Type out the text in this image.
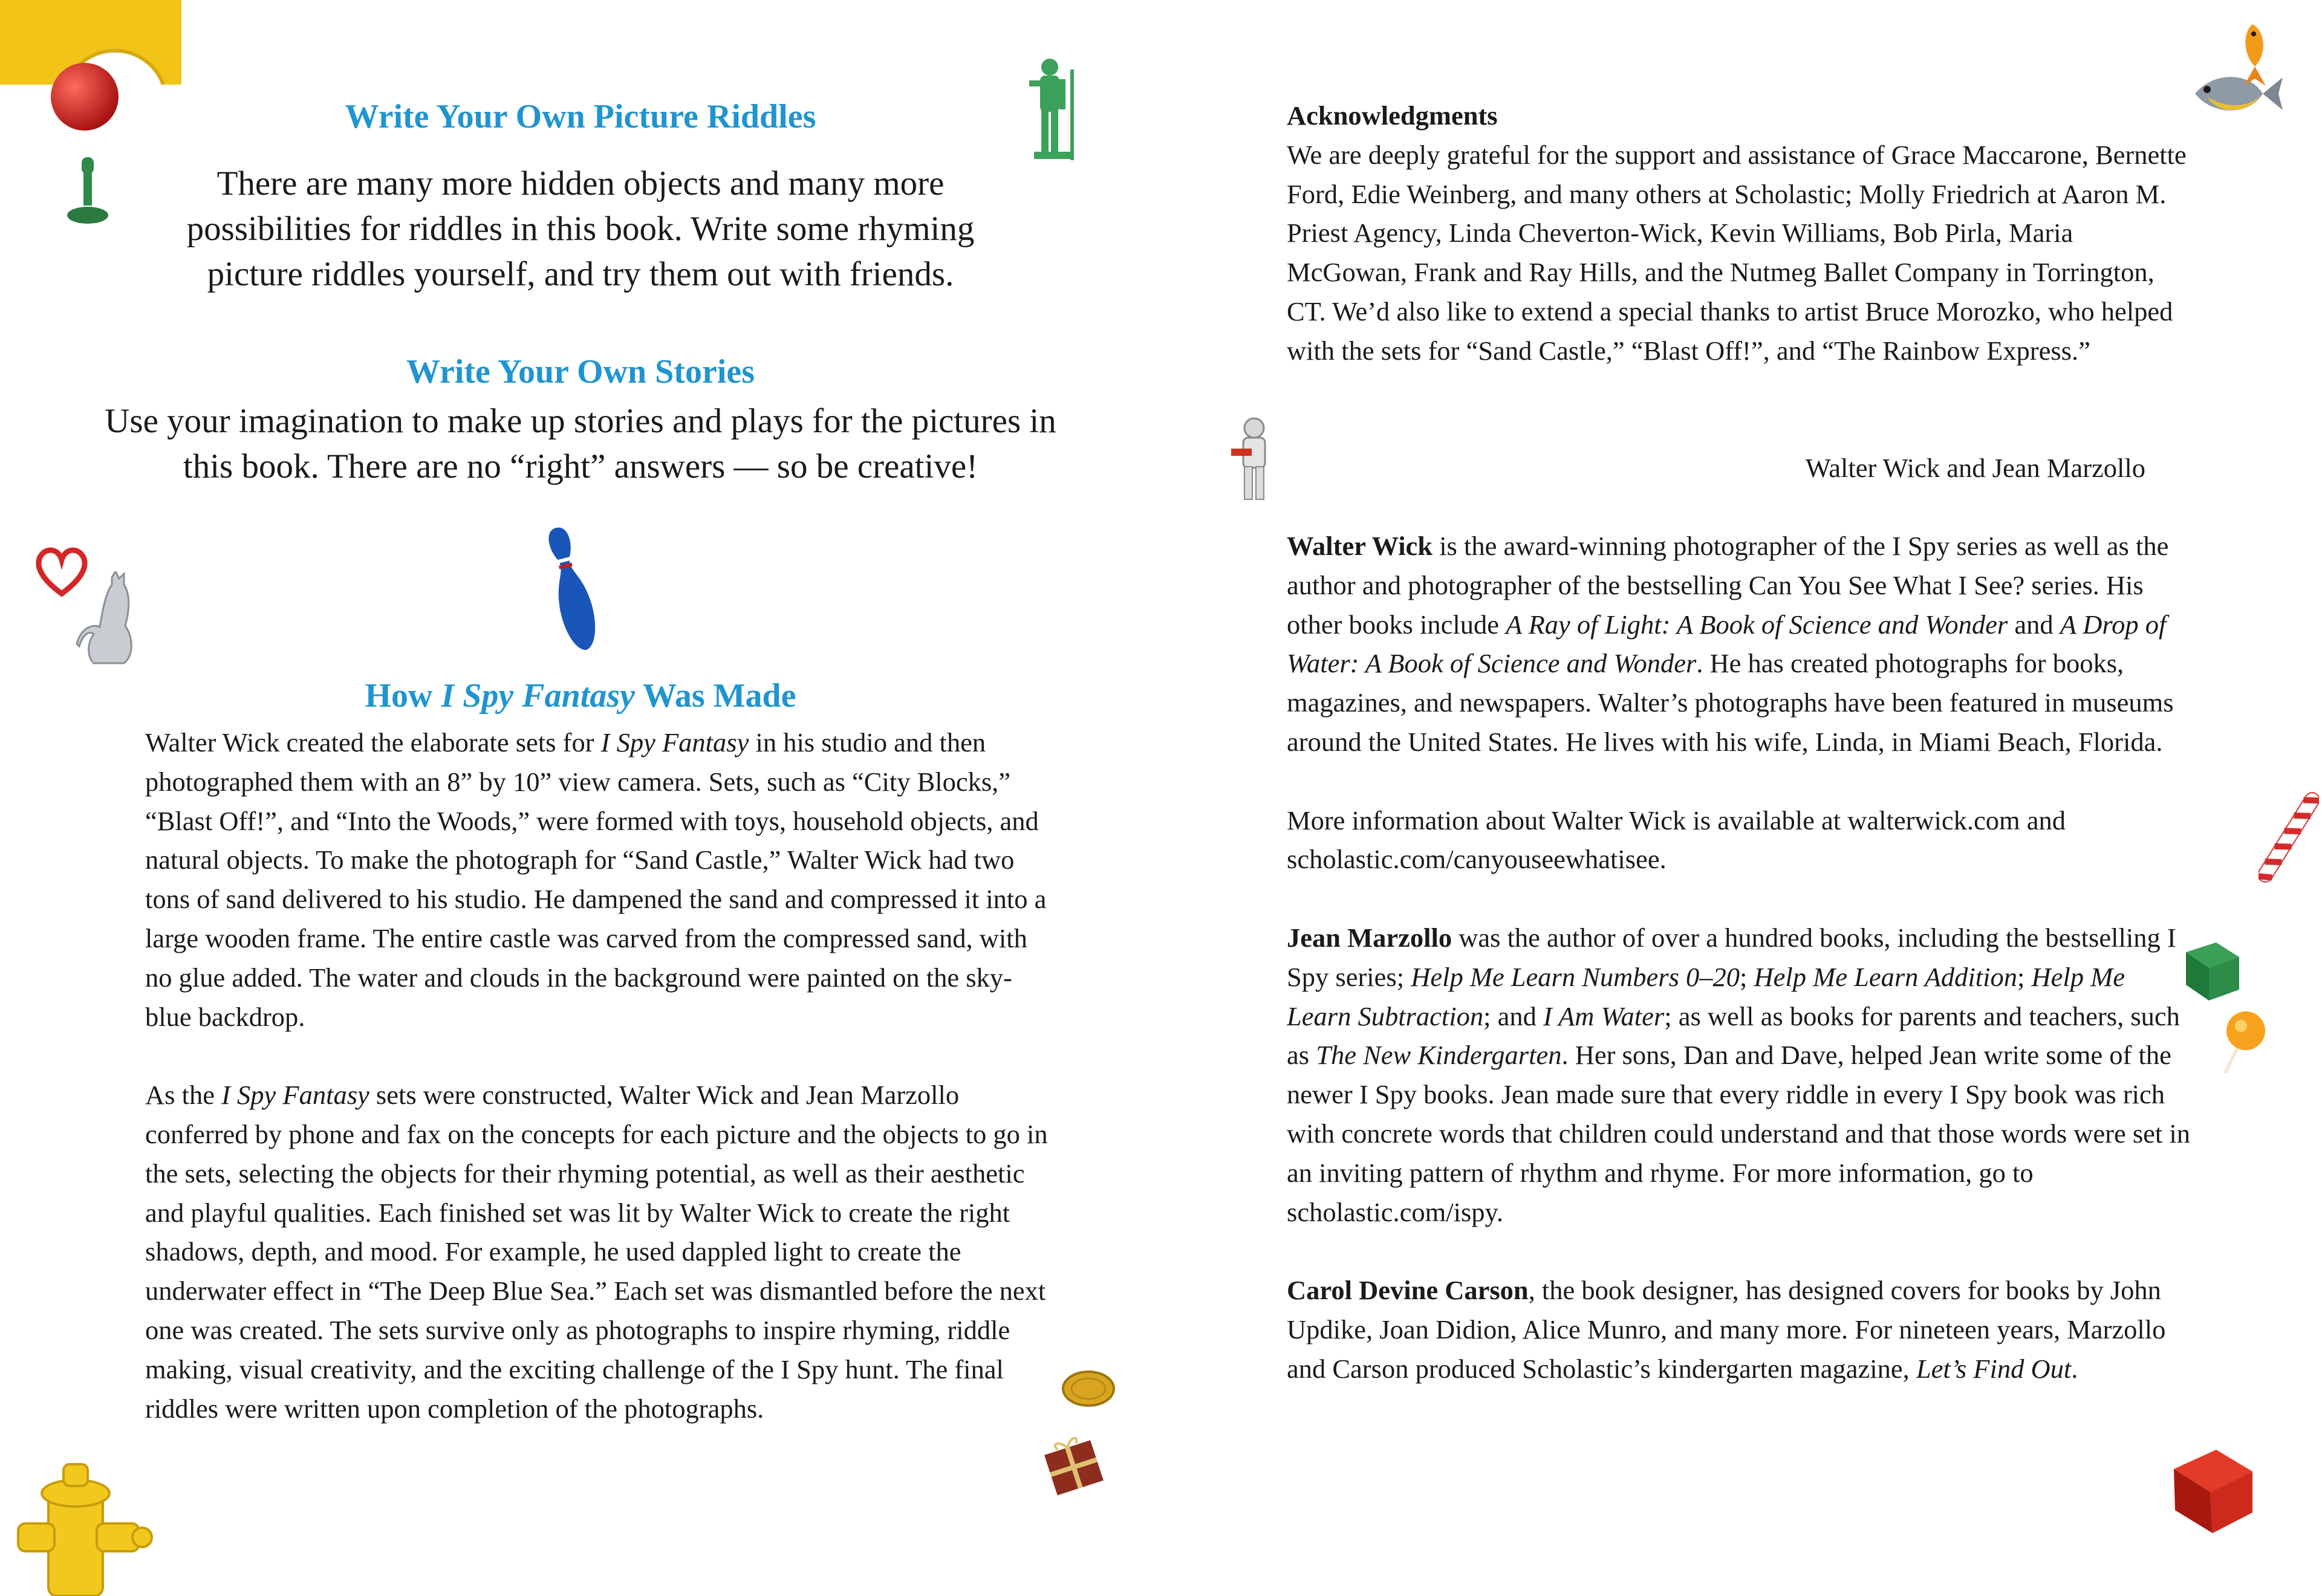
Write Your Own Picture Riddles

There are many more hidden objects and many more possibilities for riddles in this book. Write some rhyming picture riddles yourself, and try them out with friends.

Write Your Own Stories

Use your imagination to make up stories and plays for the pictures in this book. There are no “right” answers — so be creative!

How I Spy Fantasy Was Made

Walter Wick created the elaborate sets for I Spy Fantasy in his studio and then photographed them with an 8” by 10” view camera. Sets, such as “City Blocks,” “Blast Off!”, and “Into the Woods,” were formed with toys, household objects, and natural objects. To make the photograph for “Sand Castle,” Walter Wick had two tons of sand delivered to his studio. He dampened the sand and compressed it into a large wooden frame. The entire castle was carved from the compressed sand, with no glue added. The water and clouds in the background were painted on the sky-blue backdrop.

As the I Spy Fantasy sets were constructed, Walter Wick and Jean Marzollo conferred by phone and fax on the concepts for each picture and the objects to go in the sets, selecting the objects for their rhyming potential, as well as their aesthetic and playful qualities. Each finished set was lit by Walter Wick to create the right shadows, depth, and mood. For example, he used dappled light to create the underwater effect in “The Deep Blue Sea.” Each set was dismantled before the next one was created. The sets survive only as photographs to inspire rhyming, riddle making, visual creativity, and the exciting challenge of the I Spy hunt. The final riddles were written upon completion of the photographs.

Acknowledgments
We are deeply grateful for the support and assistance of Grace Maccarone, Bernette Ford, Edie Weinberg, and many others at Scholastic; Molly Friedrich at Aaron M. Priest Agency, Linda Cheverton-Wick, Kevin Williams, Bob Pirla, Maria McGowan, Frank and Ray Hills, and the Nutmeg Ballet Company in Torrington, CT. We’d also like to extend a special thanks to artist Bruce Morozko, who helped with the sets for “Sand Castle,” “Blast Off!”, and “The Rainbow Express.”

Walter Wick and Jean Marzollo

Walter Wick is the award-winning photographer of the I Spy series as well as the author and photographer of the bestselling Can You See What I See? series. His other books include A Ray of Light: A Book of Science and Wonder and A Drop of Water: A Book of Science and Wonder. He has created photographs for books, magazines, and newspapers. Walter’s photographs have been featured in museums around the United States. He lives with his wife, Linda, in Miami Beach, Florida.

More information about Walter Wick is available at walterwick.com and scholastic.com/canyouseewhatisee.

Jean Marzollo was the author of over a hundred books, including the bestselling I Spy series; Help Me Learn Numbers 0–20; Help Me Learn Addition; Help Me Learn Subtraction; and I Am Water; as well as books for parents and teachers, such as The New Kindergarten. Her sons, Dan and Dave, helped Jean write some of the newer I Spy books. Jean made sure that every riddle in every I Spy book was rich with concrete words that children could understand and that those words were set in an inviting pattern of rhythm and rhyme. For more information, go to scholastic.com/ispy.

Carol Devine Carson, the book designer, has designed covers for books by John Updike, Joan Didion, Alice Munro, and many more. For nineteen years, Marzollo and Carson produced Scholastic’s kindergarten magazine, Let’s Find Out.
